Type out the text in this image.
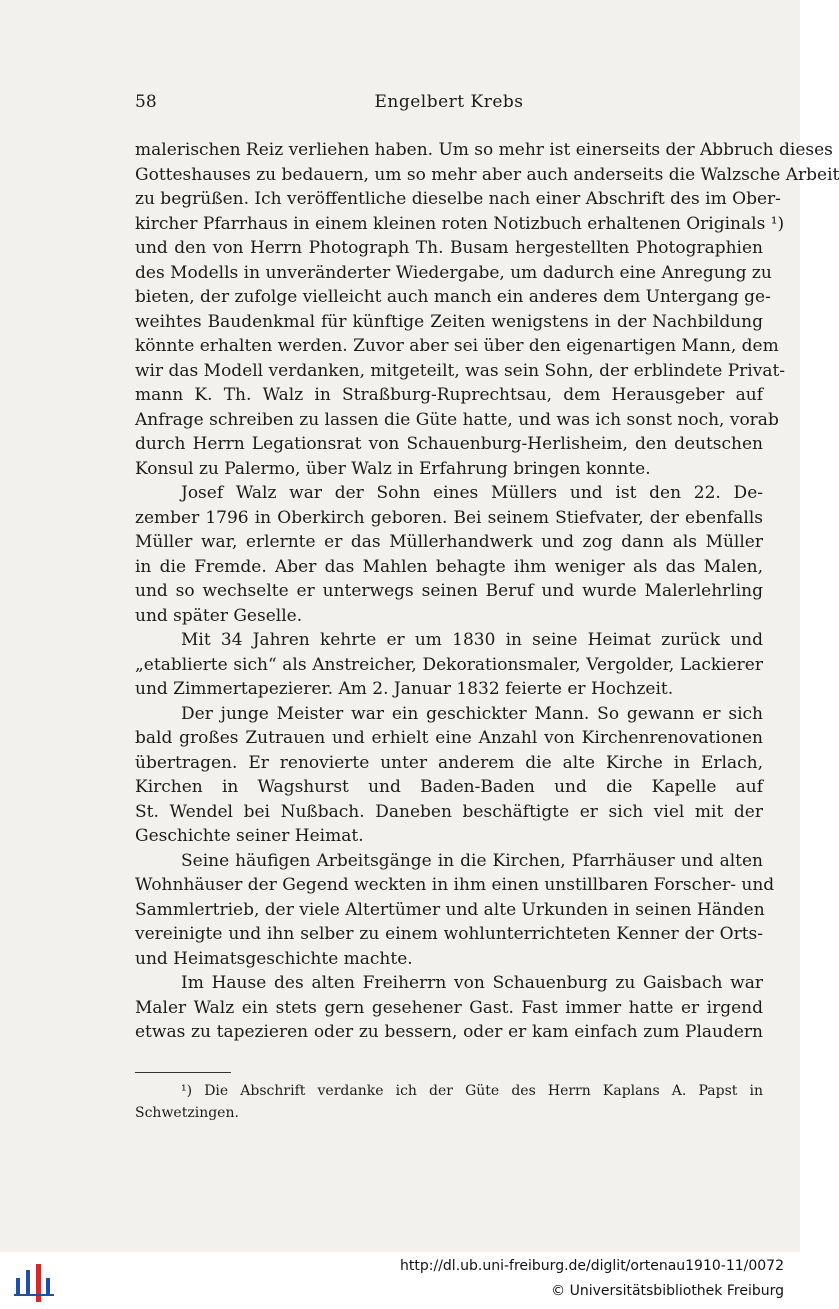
58	Engelbert Krebs
malerischen Reiz verliehen haben. Um so mehr ist einerseits der Abbruch dieses
Gotteshauses zu bedauern, um so mehr aber auch anderseits die Walzsche Arbeit
zu begrüßen. Ich veröffentliche dieselbe nach einer Abschrift des im Ober-
kircher Pfarrhaus in einem kleinen roten Notizbuch erhaltenen Originals ¹)
und den von Herrn Photograph Th. Busam hergestellten Photographien
des Modells in unveränderter Wiedergabe, um dadurch eine Anregung zu
bieten, der zufolge vielleicht auch manch ein anderes dem Untergang ge-
weihtes Baudenkmal für künftige Zeiten wenigstens in der Nachbildung
könnte erhalten werden. Zuvor aber sei über den eigenartigen Mann, dem
wir das Modell verdanken, mitgeteilt, was sein Sohn, der erblindete Privat-
mann K. Th. Walz in Straßburg-Ruprechtsau, dem Herausgeber auf
Anfrage schreiben zu lassen die Güte hatte, und was ich sonst noch, vorab
durch Herrn Legationsrat von Schauenburg-Herlisheim, den deutschen
Konsul zu Palermo, über Walz in Erfahrung bringen konnte.
Josef Walz war der Sohn eines Müllers und ist den 22. De-
zember 1796 in Oberkirch geboren. Bei seinem Stiefvater, der ebenfalls
Müller war, erlernte er das Müllerhandwerk und zog dann als Müller
in die Fremde. Aber das Mahlen behagte ihm weniger als das Malen,
und so wechselte er unterwegs seinen Beruf und wurde Malerlehrling
und später Geselle.
Mit 34 Jahren kehrte er um 1830 in seine Heimat zurück und
„etablierte sich“ als Anstreicher, Dekorationsmaler, Vergolder, Lackierer
und Zimmertapezierer. Am 2. Januar 1832 feierte er Hochzeit.
Der junge Meister war ein geschickter Mann. So gewann er sich
bald großes Zutrauen und erhielt eine Anzahl von Kirchenrenovationen
übertragen. Er renovierte unter anderem die alte Kirche in Erlach,
Kirchen in Wagshurst und Baden-Baden und die Kapelle auf
St. Wendel bei Nußbach. Daneben beschäftigte er sich viel mit der
Geschichte seiner Heimat.
Seine häufigen Arbeitsgänge in die Kirchen, Pfarrhäuser und alten
Wohnhäuser der Gegend weckten in ihm einen unstillbaren Forscher- und
Sammlertrieb, der viele Altertümer und alte Urkunden in seinen Händen
vereinigte und ihn selber zu einem wohlunterrichteten Kenner der Orts-
und Heimatsgeschichte machte.
Im Hause des alten Freiherrn von Schauenburg zu Gaisbach war
Maler Walz ein stets gern gesehener Gast. Fast immer hatte er irgend
etwas zu tapezieren oder zu bessern, oder er kam einfach zum Plaudern
¹) Die Abschrift verdanke ich der Güte des Herrn Kaplans A. Papst in
Schwetzingen.
http://dl.ub.uni-freiburg.de/diglit/ortenau1910-11/0072
© Universitätsbibliothek Freiburg
